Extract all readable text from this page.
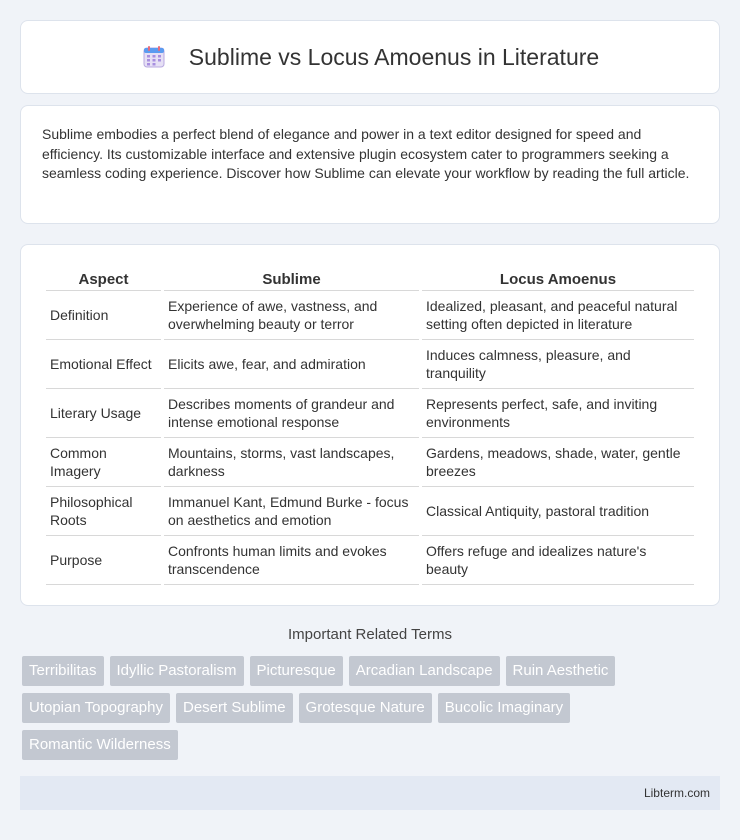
Sublime vs Locus Amoenus in Literature

Sublime embodies a perfect blend of elegance and power in a text editor designed for speed and efficiency. Its customizable interface and extensive plugin ecosystem cater to programmers seeking a seamless coding experience. Discover how Sublime can elevate your workflow by reading the full article.

Aspect	Sublime	Locus Amoenus
Definition	Experience of awe, vastness, and overwhelming beauty or terror	Idealized, pleasant, and peaceful natural setting often depicted in literature
Emotional Effect	Elicits awe, fear, and admiration	Induces calmness, pleasure, and tranquility
Literary Usage	Describes moments of grandeur and intense emotional response	Represents perfect, safe, and inviting environments
Common Imagery	Mountains, storms, vast landscapes, darkness	Gardens, meadows, shade, water, gentle breezes
Philosophical Roots	Immanuel Kant, Edmund Burke - focus on aesthetics and emotion	Classical Antiquity, pastoral tradition
Purpose	Confronts human limits and evokes transcendence	Offers refuge and idealizes nature's beauty
Important Related Terms
Terribilitas	Idyllic Pastoralism	Picturesque	Arcadian Landscape	Ruin Aesthetic
Utopian Topography	Desert Sublime	Grotesque Nature	Bucolic Imaginary
Romantic Wilderness
Libterm.com
